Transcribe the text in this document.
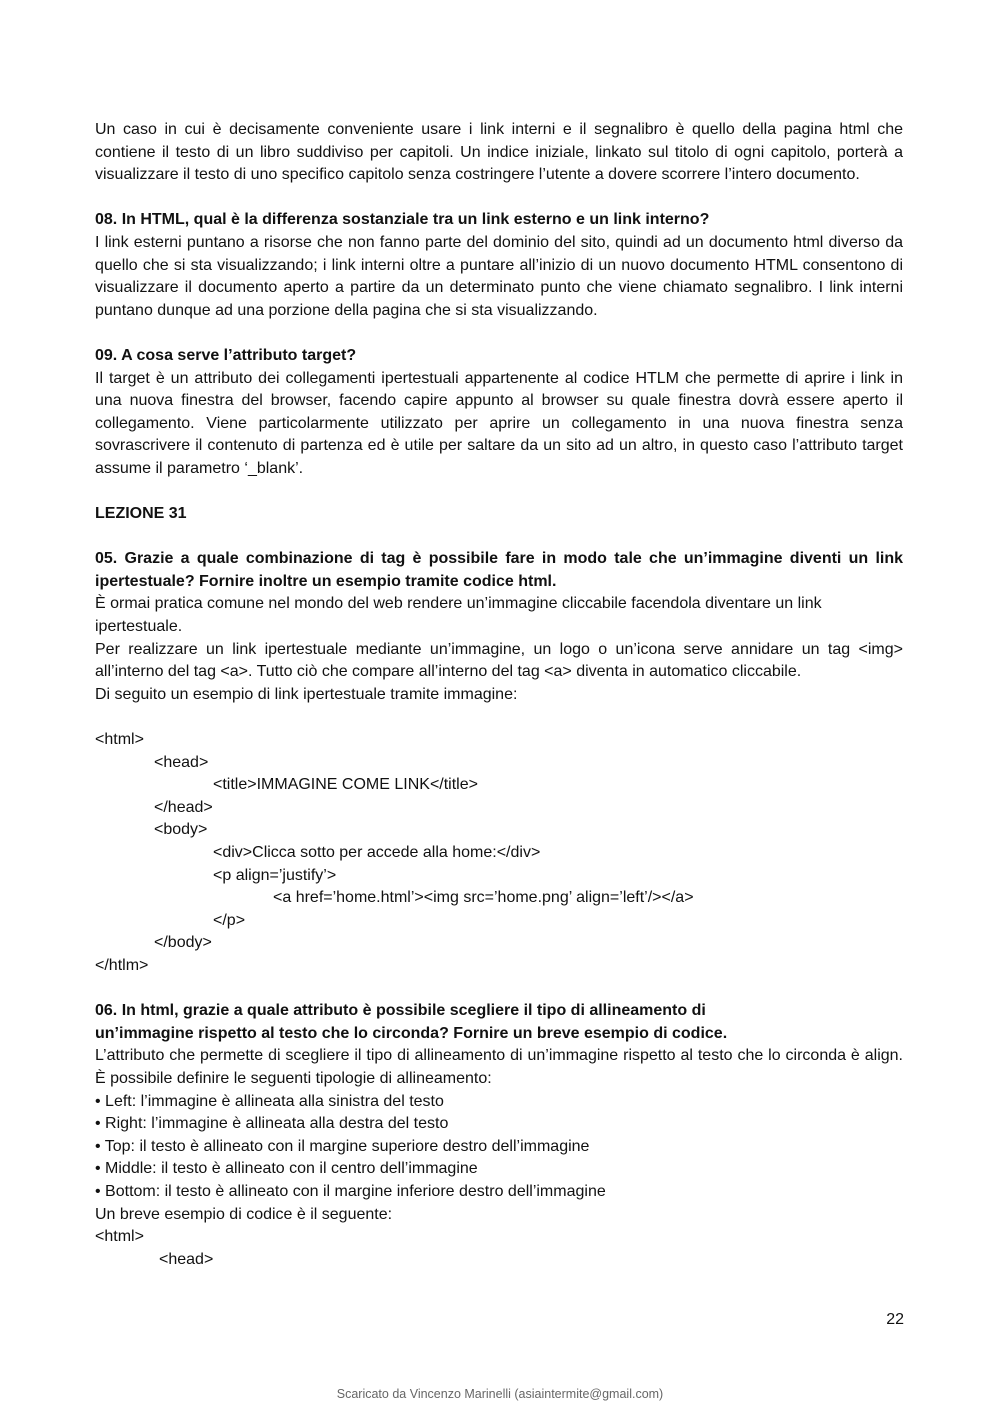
Un caso in cui è decisamente conveniente usare i link interni e il segnalibro è quello della pagina html che contiene il testo di un libro suddiviso per capitoli. Un indice iniziale, linkato sul titolo di ogni capitolo, porterà a visualizzare il testo di uno specifico capitolo senza costringere l’utente a dovere scorrere l’intero documento.

08. In HTML, qual è la differenza sostanziale tra un link esterno e un link interno?

I link esterni puntano a risorse che non fanno parte del dominio del sito, quindi ad un documento html diverso da quello che si sta visualizzando; i link interni oltre a puntare all’inizio di un nuovo documento HTML consentono di visualizzare il documento aperto a partire da un determinato punto che viene chiamato segnalibro. I link interni puntano dunque ad una porzione della pagina che si sta visualizzando.

09. A cosa serve l’attributo target?

Il target è un attributo dei collegamenti ipertestuali appartenente al codice HTLM che permette di aprire i link in una nuova finestra del browser, facendo capire appunto al browser su quale finestra dovrà essere aperto il collegamento. Viene particolarmente utilizzato per aprire un collegamento in una nuova finestra senza sovrascrivere il contenuto di partenza ed è utile per saltare da un sito ad un altro, in questo caso l’attributo target assume il parametro ‘_blank’.

LEZIONE 31

05. Grazie a quale combinazione di tag è possibile fare in modo tale che un’immagine diventi un link ipertestuale? Fornire inoltre un esempio tramite codice html.

È ormai pratica comune nel mondo del web rendere un’immagine cliccabile facendola diventare un link ipertestuale.

Per realizzare un link ipertestuale mediante un’immagine, un logo o un’icona serve annidare un tag <img> all’interno del tag <a>. Tutto ciò che compare all’interno del tag <a> diventa in automatico cliccabile.

Di seguito un esempio di link ipertestuale tramite immagine:

<html>

<head>

<title>IMMAGINE COME LINK</title>

</head>

<body>

<div>Clicca sotto per accede alla home:</div>

<p align=’justify’>

<a href=’home.html’><img src=’home.png’ align=’left’/></a>

</p>

</body>

</htlm>

06. In html, grazie a quale attributo è possibile scegliere il tipo di allineamento di

un’immagine rispetto al testo che lo circonda? Fornire un breve esempio di codice.

L’attributo che permette di scegliere il tipo di allineamento di un’immagine rispetto al testo che lo circonda è align. È possibile definire le seguenti tipologie di allineamento:

• Left: l’immagine è allineata alla sinistra del testo

• Right: l’immagine è allineata alla destra del testo

• Top: il testo è allineato con il margine superiore destro dell’immagine

• Middle: il testo è allineato con il centro dell’immagine

• Bottom: il testo è allineato con il margine inferiore destro dell’immagine

Un breve esempio di codice è il seguente:

<html>

<head>

22
Scaricato da Vincenzo Marinelli (asiaintermite@gmail.com)
